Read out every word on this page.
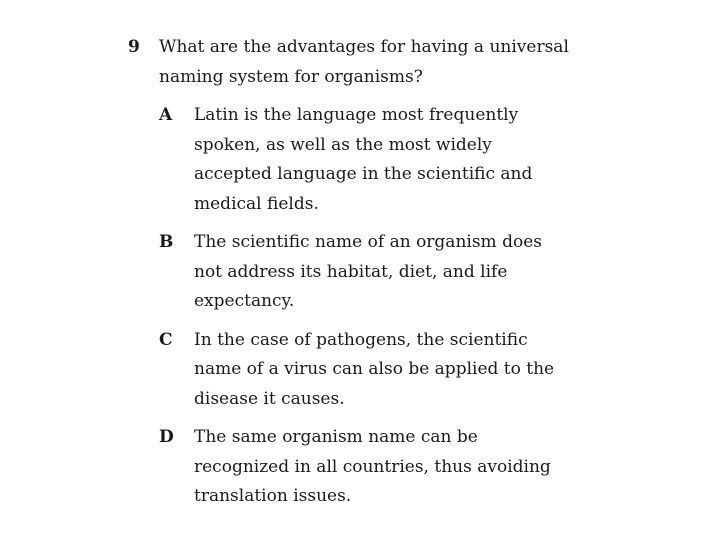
9	What are the advantages for having a universal naming system for organisms?
A	Latin is the language most frequently spoken, as well as the most widely accepted language in the scientific and medical fields.
B	The scientific name of an organism does not address its habitat, diet, and life expectancy.
C	In the case of pathogens, the scientific name of a virus can also be applied to the disease it causes.
D	The same organism name can be recognized in all countries, thus avoiding translation issues.
